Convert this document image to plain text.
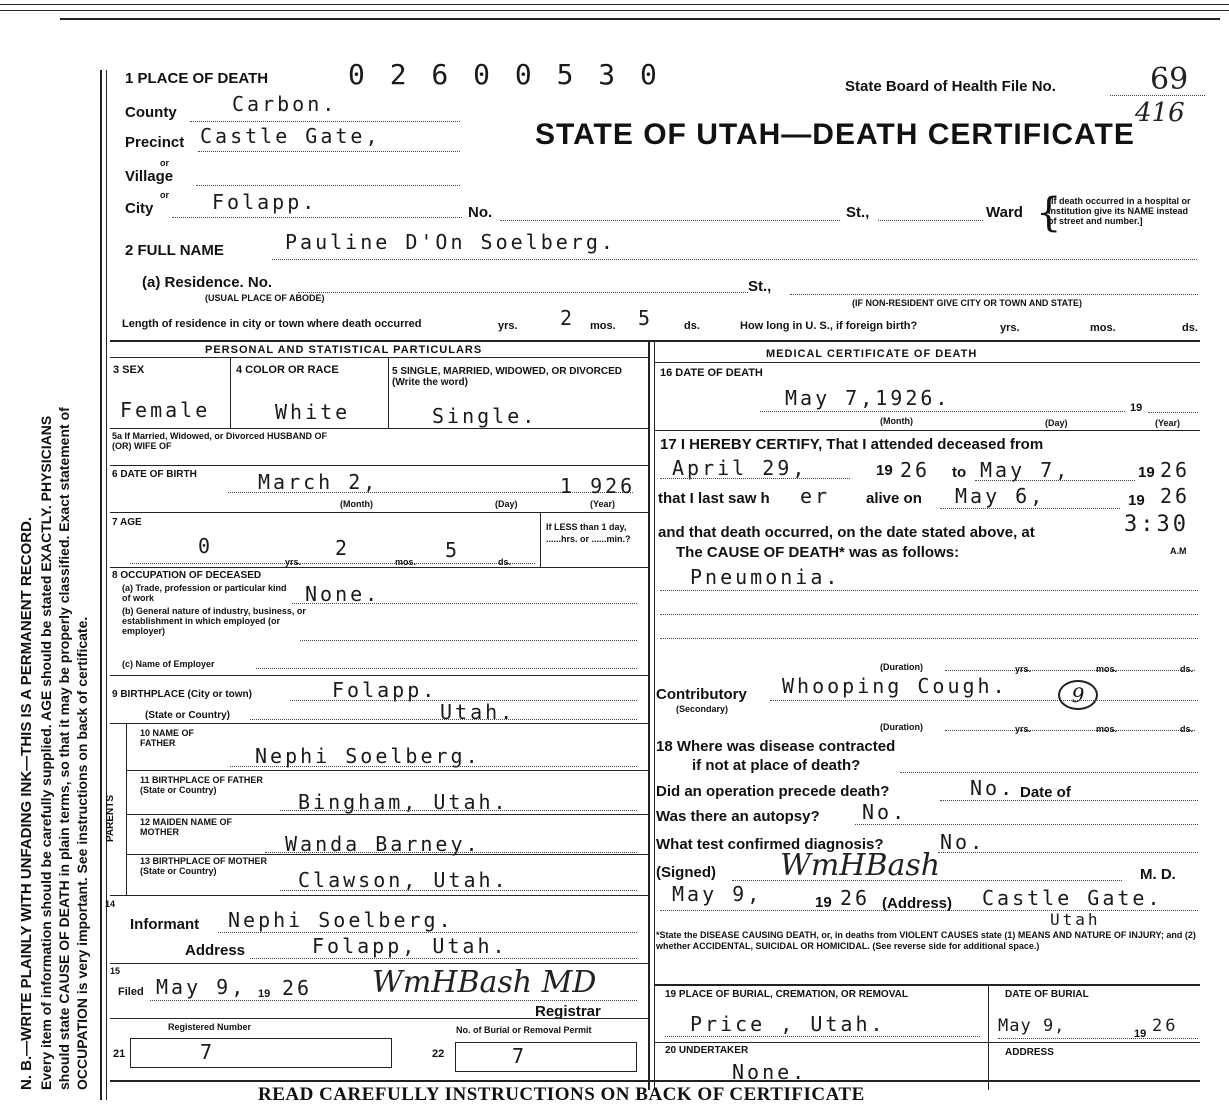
N. B.—WRITE PLAINLY WITH UNFADING INK—THIS IS A PERMANENT RECORD. Every item of information should be carefully supplied. AGE should be stated EXACTLY. PHYSICIANS should state CAUSE OF DEATH in plain terms, so that it may be properly classified. Exact statement of OCCUPATION is very important. See instructions on back of certificate.
1 PLACE OF DEATH	0 2 6 0 0 5 3 0	State Board of Health File No.	69
416
STATE OF UTAH—DEATH CERTIFICATE
County	Carbon.
Precinct Castle Gate,
or
Village
or
City	Folapp.	No.	St.,	Ward {
[If death occurred in a hospital or institution give its NAME instead of street and number.]
2 FULL NAME	Pauline D'On Soelberg.
(a) Residence. No.
(USUAL PLACE OF ABODE)
St.,
(IF NON-RESIDENT GIVE CITY OR TOWN AND STATE)
Length of residence in city or town where death occurred	yrs. 2 mos. 5	ds.	How long in U. S., if foreign birth?	yrs.	mos.	ds.
PERSONAL AND STATISTICAL PARTICULARS	MEDICAL CERTIFICATE OF DEATH
3 SEX	4 COLOR OR RACE	5 SINGLE, MARRIED, WIDOWED, OR DIVORCED (Write the word)
Female	White	Single.
5a If Married, Widowed, or Divorced HUSBAND OF (OR) WIFE OF
6 DATE OF BIRTH	March 2,	1 926
(Month)	(Day)	(Year)
7 AGE
0	2	5
yrs.	mos.	ds.
If LESS than 1 day, ......hrs. or ......min.?
8 OCCUPATION OF DECEASED
(a) Trade, profession or particular kind of work	None.
(b) General nature of industry, business, or establishment in which employed (or employer)
(c) Name of Employer
9 BIRTHPLACE (City or town)	Folapp.
(State or Country)	Utah.
PARENTS
10 NAME OF FATHER
Nephi Soelberg.
11 BIRTHPLACE OF FATHER (State or Country)	Bingham, Utah.
12 MAIDEN NAME OF MOTHER	Wanda Barney.
13 BIRTHPLACE OF MOTHER (State or Country)	Clawson, Utah.
14
Informant Nephi Soelberg.
Address	Folapp, Utah.
15
Filed May 9, 19 26 WmHBash MD
Registrar
Registered Number	No. of Burial or Removal Permit
21	7	22	7
16 DATE OF DEATH
May 7,1926.	19
(Month)	(Day)	(Year)
17 I HEREBY CERTIFY, That I attended deceased from
April 29,	19 26 to May 7,	19 26
that I last saw h er alive on May 6,	19 26
and that death occurred, on the date stated above, at	3:30
A.M
The CAUSE OF DEATH* was as follows:
Pneumonia.
(Duration)	yrs.	mos.	ds.
Contributory
(Secondary)
Whooping Cough.	9
(Duration)	yrs.	mos.	ds.
18 Where was disease contracted
if not at place of death?
Did an operation precede death?	No. Date of
Was there an autopsy? No.
What test confirmed diagnosis?	No.
(Signed) WmHBash	M. D.
May 9,	19 26 (Address) Castle Gate.
Utah
*State the DISEASE CAUSING DEATH, or, in deaths from VIOLENT CAUSES state (1) MEANS AND NATURE OF INJURY; and (2) whether ACCIDENTAL, SUICIDAL OR HOMICIDAL. (See reverse side for additional space.)
19 PLACE OF BURIAL, CREMATION, OR REMOVAL	DATE OF BURIAL
Price , Utah.	May 9,	19 26
20 UNDERTAKER	ADDRESS
None.
READ CAREFULLY INSTRUCTIONS ON BACK OF CERTIFICATE
